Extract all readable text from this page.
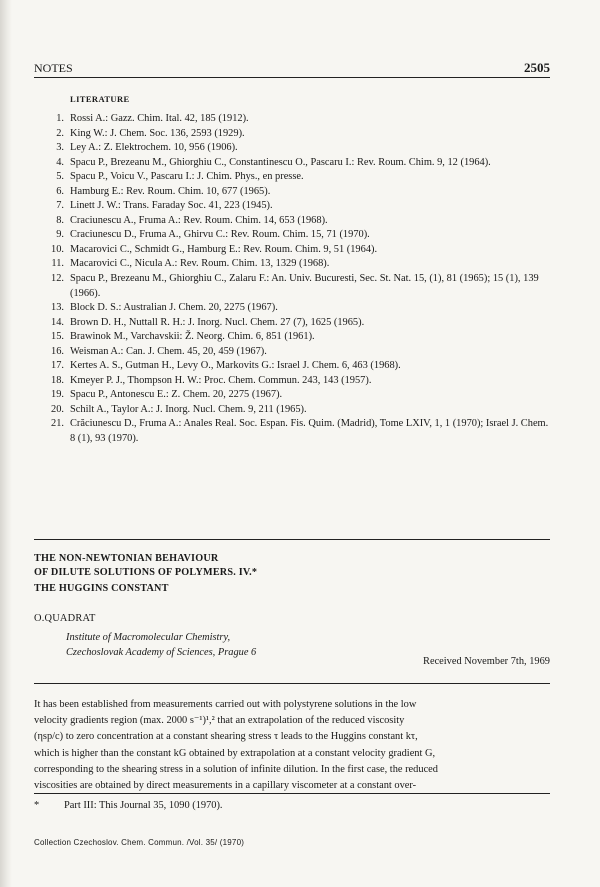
NOTES	2505
LITERATURE
1. Rossi A.: Gazz. Chim. Ital. 42, 185 (1912).
2. King W.: J. Chem. Soc. 136, 2593 (1929).
3. Ley A.: Z. Elektrochem. 10, 956 (1906).
4. Spacu P., Brezeanu M., Ghiorghiu C., Constantinescu O., Pascaru I.: Rev. Roum. Chim. 9, 12 (1964).
5. Spacu P., Voicu V., Pascaru I.: J. Chim. Phys., en presse.
6. Hamburg E.: Rev. Roum. Chim. 10, 677 (1965).
7. Linett J. W.: Trans. Faraday Soc. 41, 223 (1945).
8. Craciunescu A., Fruma A.: Rev. Roum. Chim. 14, 653 (1968).
9. Craciunescu D., Fruma A., Ghirvu C.: Rev. Roum. Chim. 15, 71 (1970).
10. Macarovici C., Schmidt G., Hamburg E.: Rev. Roum. Chim. 9, 51 (1964).
11. Macarovici C., Nicula A.: Rev. Roum. Chim. 13, 1329 (1968).
12. Spacu P., Brezeanu M., Ghiorghiu C., Zalaru F.: An. Univ. Bucuresti, Sec. St. Nat. 15, (1), 81 (1965); 15 (1), 139 (1966).
13. Block D. S.: Australian J. Chem. 20, 2275 (1967).
14. Brown D. H., Nuttall R. H.: J. Inorg. Nucl. Chem. 27 (7), 1625 (1965).
15. Brawinok M., Varchavskii: Ž. Neorg. Chim. 6, 851 (1961).
16. Weisman A.: Can. J. Chem. 45, 20, 459 (1967).
17. Kertes A. S., Gutman H., Levy O., Markovits G.: Israel J. Chem. 6, 463 (1968).
18. Kmeyer P. J., Thompson H. W.: Proc. Chem. Commun. 243, 143 (1957).
19. Spacu P., Antonescu E.: Z. Chem. 20, 2275 (1967).
20. Schilt A., Taylor A.: J. Inorg. Nucl. Chem. 9, 211 (1965).
21. Crăciunescu D., Fruma A.: Anales Real. Soc. Espan. Fis. Quim. (Madrid), Tome LXIV, 1, 1 (1970); Israel J. Chem. 8 (1), 93 (1970).
THE NON-NEWTONIAN BEHAVIOUR
OF DILUTE SOLUTIONS OF POLYMERS. IV.*
THE HUGGINS CONSTANT
O.QUADRAT
Institute of Macromolecular Chemistry,
Czechoslovak Academy of Sciences, Prague 6
Received November 7th, 1969

It has been established from measurements carried out with polystyrene solutions in the low

velocity gradients region (max. 2000 s⁻¹)¹,² that an extrapolation of the reduced viscosity

(ηsp/c) to zero concentration at a constant shearing stress τ leads to the Huggins constant kτ,

which is higher than the constant kG obtained by extrapolation at a constant velocity gradient G,

corresponding to the shearing stress in a solution of infinite dilution. In the first case, the reduced

viscosities are obtained by direct measurements in a capillary viscometer at a constant over-

* Part III: This Journal 35, 1090 (1970).
Collection Czechoslov. Chem. Commun. /Vol. 35/ (1970)
